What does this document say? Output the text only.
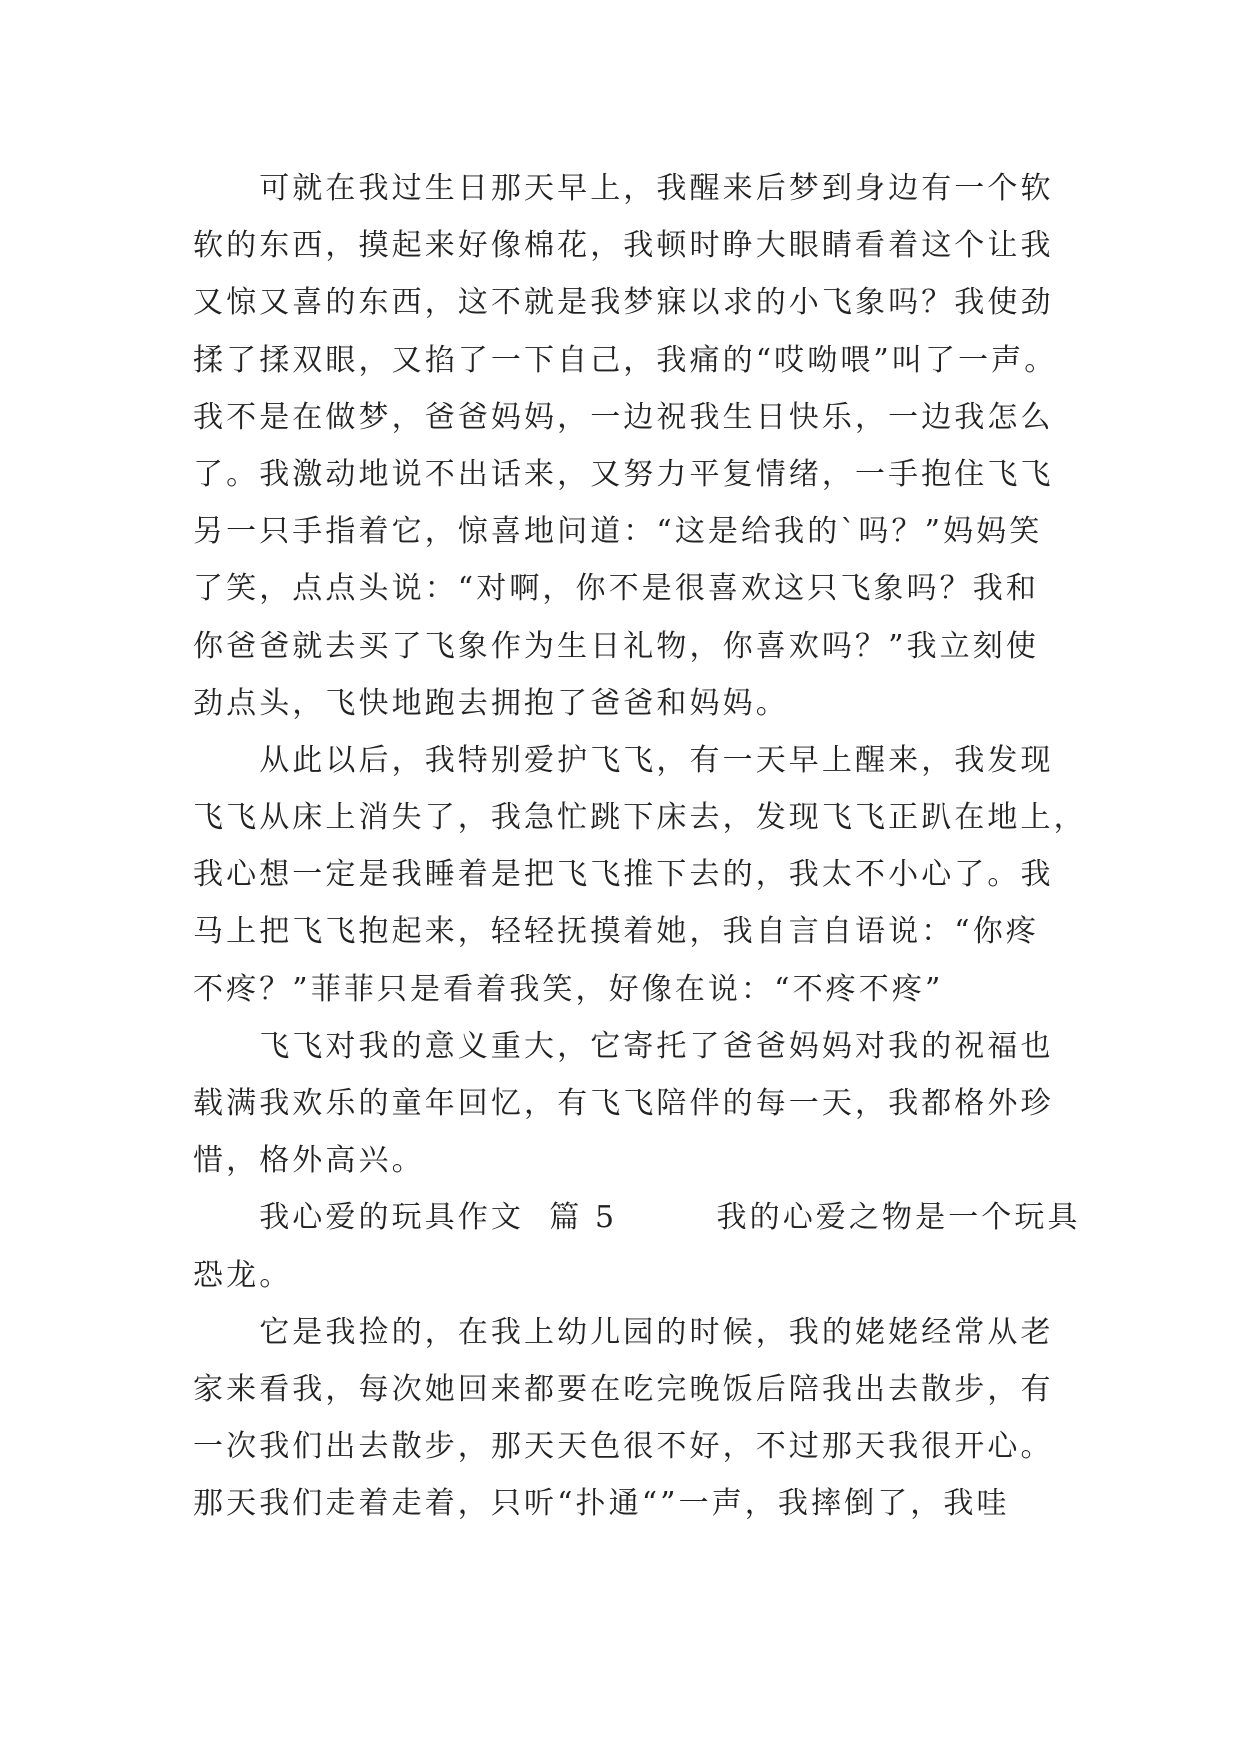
　　可就在我过生日那天早上，我醒来后梦到身边有一个软
软的东西，摸起来好像棉花，我顿时睁大眼睛看着这个让我
又惊又喜的东西，这不就是我梦寐以求的小飞象吗？我使劲
揉了揉双眼，又掐了一下自己，我痛的“哎呦喂”叫了一声。
我不是在做梦，爸爸妈妈，一边祝我生日快乐，一边我怎么
了。我激动地说不出话来，又努力平复情绪，一手抱住飞飞
另一只手指着它，惊喜地问道：“这是给我的`吗？”妈妈笑
了笑，点点头说：“对啊，你不是很喜欢这只飞象吗？我和
你爸爸就去买了飞象作为生日礼物，你喜欢吗？”我立刻使
劲点头，飞快地跑去拥抱了爸爸和妈妈。
　　从此以后，我特别爱护飞飞，有一天早上醒来，我发现
飞飞从床上消失了，我急忙跳下床去，发现飞飞正趴在地上，
我心想一定是我睡着是把飞飞推下去的，我太不小心了。我
马上把飞飞抱起来，轻轻抚摸着她，我自言自语说：“你疼
不疼？”菲菲只是看着我笑，好像在说：“不疼不疼”
　　飞飞对我的意义重大，它寄托了爸爸妈妈对我的祝福也
载满我欢乐的童年回忆，有飞飞陪伴的每一天，我都格外珍
惜，格外高兴。
　　我心爱的玩具作文  篇 5　　　我的心爱之物是一个玩具
恐龙。
　　它是我捡的，在我上幼儿园的时候，我的姥姥经常从老
家来看我，每次她回来都要在吃完晚饭后陪我出去散步，有
一次我们出去散步，那天天色很不好，不过那天我很开心。
那天我们走着走着，只听“扑通“”一声，我摔倒了，我哇
